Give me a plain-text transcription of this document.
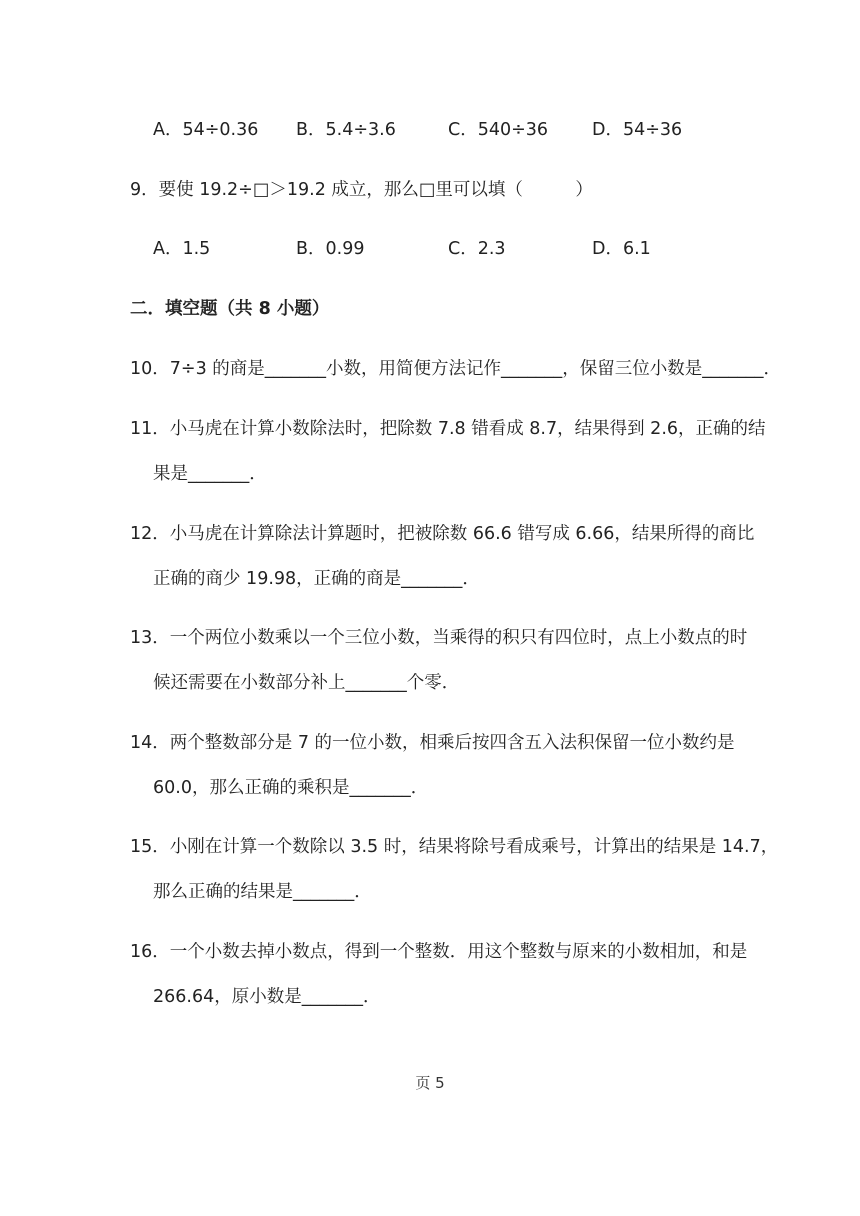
A．54÷0.36 B．5.4÷3.6	C．540÷36	D．54÷36
9．要使 19.2÷□＞19.2 成立，那么□里可以填（　　　）
A．1.5	B．0.99	C．2.3	D．6.1
二．填空题（共 8 小题）
10．7÷3 的商是_______小数，用简便方法记作_______，保留三位小数是_______．
11．小马虎在计算小数除法时，把除数 7.8 错看成 8.7，结果得到 2.6，正确的结
果是_______．
12．小马虎在计算除法计算题时，把被除数 66.6 错写成 6.66，结果所得的商比
正确的商少 19.98，正确的商是_______．
13．一个两位小数乘以一个三位小数，当乘得的积只有四位时，点上小数点的时
候还需要在小数部分补上_______个零．
14．两个整数部分是 7 的一位小数，相乘后按四含五入法积保留一位小数约是
60.0，那么正确的乘积是_______．
15．小刚在计算一个数除以 3.5 时，结果将除号看成乘号，计算出的结果是 14.7，
那么正确的结果是_______．
16．一个小数去掉小数点，得到一个整数．用这个整数与原来的小数相加，和是
266.64，原小数是_______．
页 5
